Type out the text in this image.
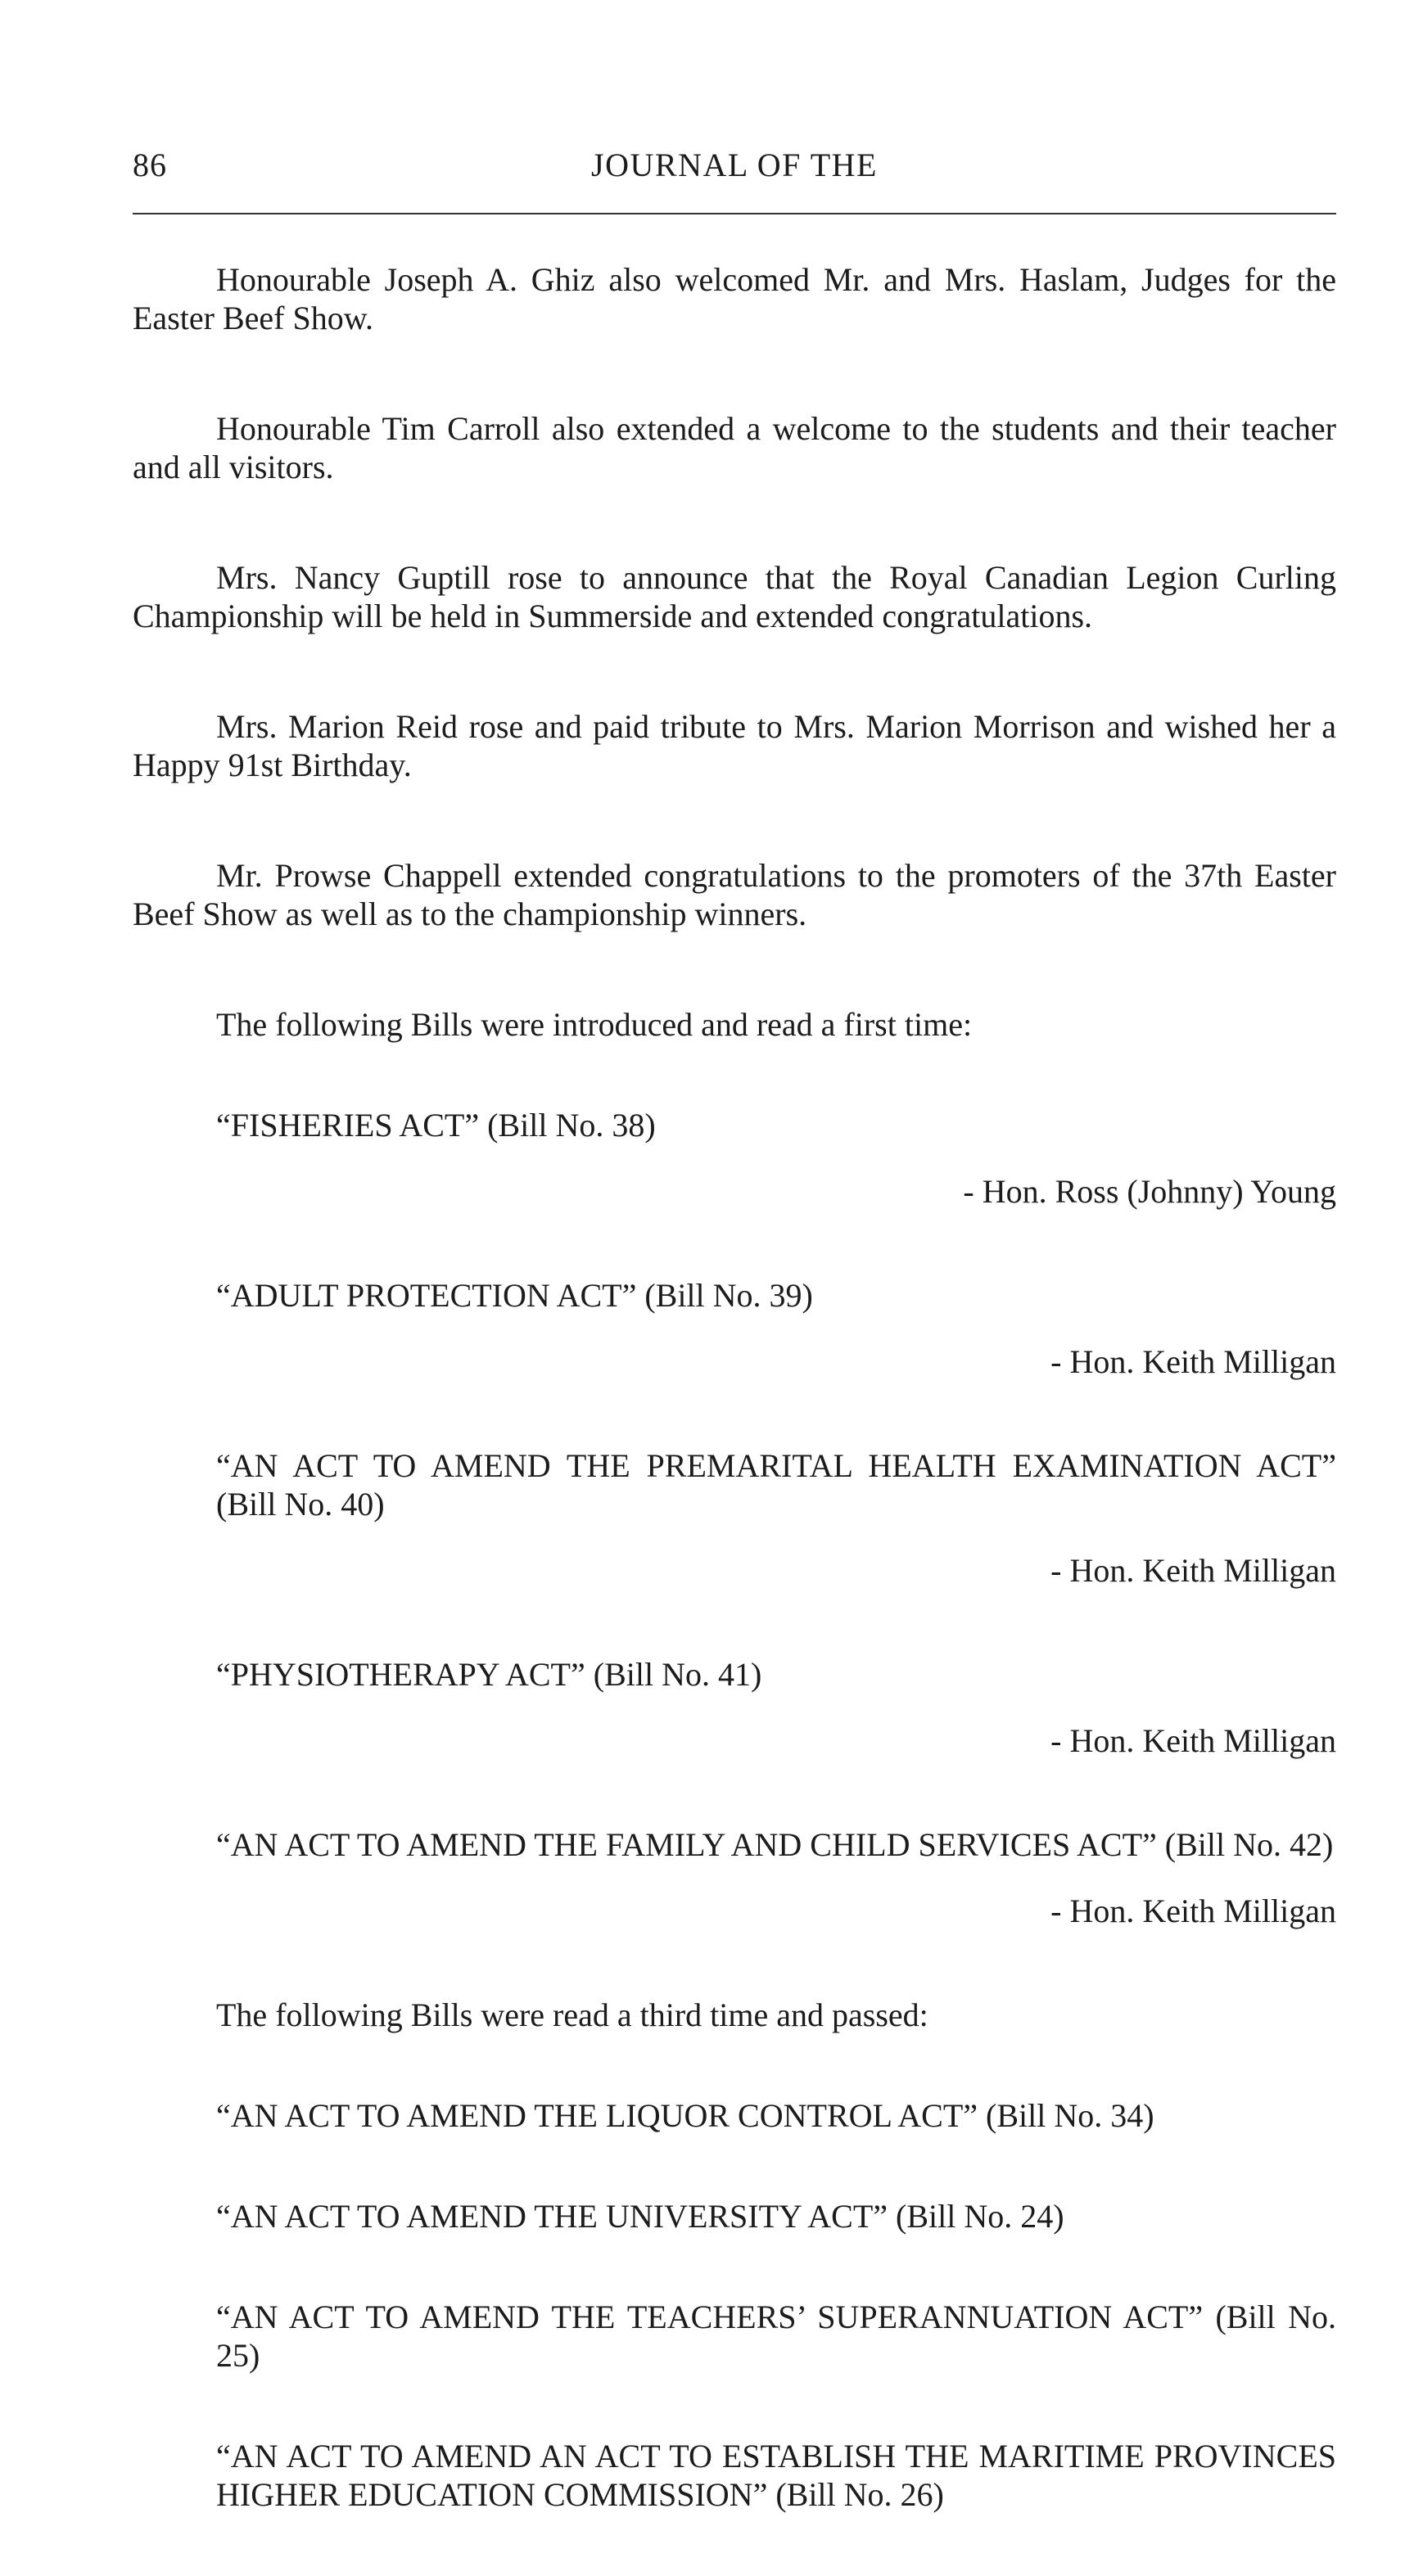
86	JOURNAL OF THE

Honourable Joseph A. Ghiz also welcomed Mr. and Mrs. Haslam, Judges for the Easter Beef Show.

Honourable Tim Carroll also extended a welcome to the students and their teacher and all visitors.

Mrs. Nancy Guptill rose to announce that the Royal Canadian Legion Curling Championship will be held in Summerside and extended congratulations.

Mrs. Marion Reid rose and paid tribute to Mrs. Marion Morrison and wished her a Happy 91st Birthday.

Mr. Prowse Chappell extended congratulations to the promoters of the 37th Easter Beef Show as well as to the championship winners.

The following Bills were introduced and read a first time:

“FISHERIES ACT” (Bill No. 38)

- Hon. Ross (Johnny) Young

“ADULT PROTECTION ACT” (Bill No. 39)

- Hon. Keith Milligan

“AN ACT TO AMEND THE PREMARITAL HEALTH EXAMINATION ACT” (Bill No. 40)

- Hon. Keith Milligan

“PHYSIOTHERAPY ACT” (Bill No. 41)

- Hon. Keith Milligan

“AN ACT TO AMEND THE FAMILY AND CHILD SERVICES ACT” (Bill No. 42)

- Hon. Keith Milligan

The following Bills were read a third time and passed:

“AN ACT TO AMEND THE LIQUOR CONTROL ACT” (Bill No. 34)

“AN ACT TO AMEND THE UNIVERSITY ACT” (Bill No. 24)

“AN ACT TO AMEND THE TEACHERS’ SUPERANNUATION ACT” (Bill No. 25)

“AN ACT TO AMEND AN ACT TO ESTABLISH THE MARITIME PROVINCES HIGHER EDUCATION COMMISSION” (Bill No. 26)
